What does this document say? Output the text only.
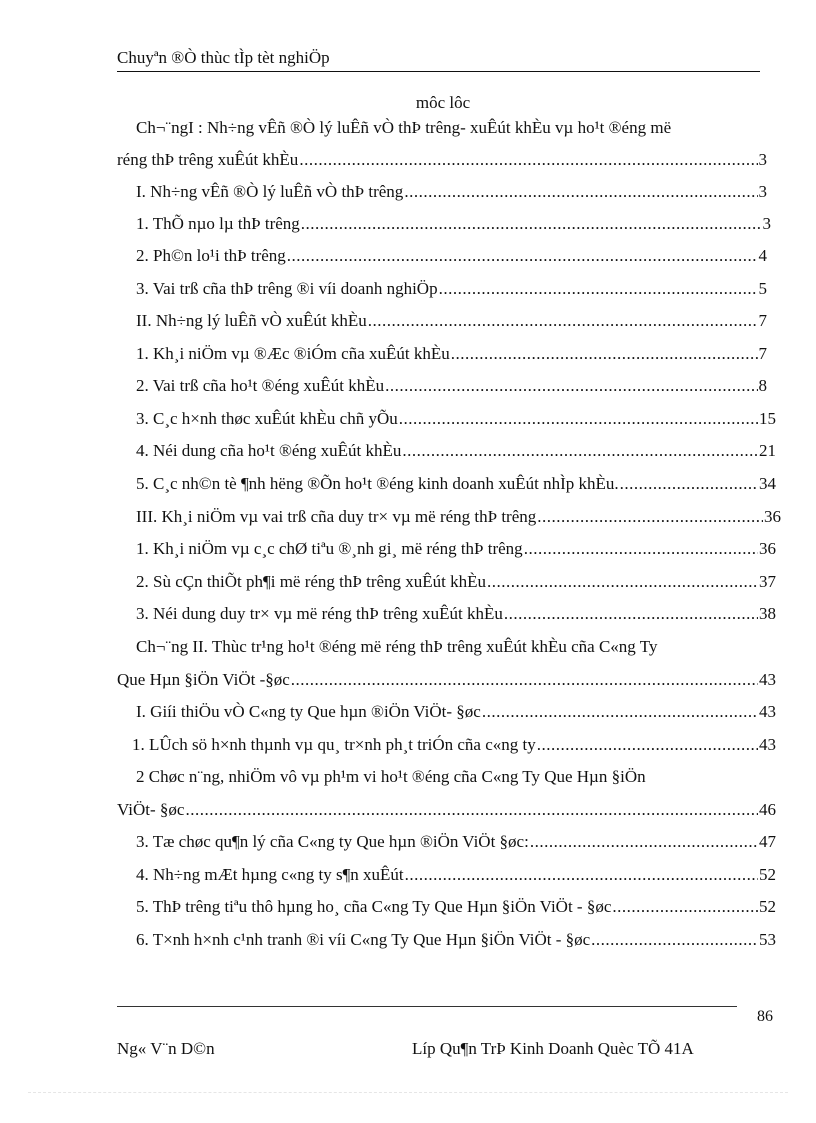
Chuyªn ®Ò thùc tÌp tèt nghiÖp
môc lôc
Ch¬¨ngI : Nh÷ng vÊñ ®Ò lý luÊñ vÒ thÞ trêng- xuÊút khÈu vµ ho¹t ®éng më
réng thÞ trêng xuÊút khÈu .....	3
I. Nh÷ng vÊñ ®Ò lý luÊñ vÒ thÞ trêng .....	3
1. ThÕ nµo lµ thÞ trêng .....	3
2. Ph©n lo¹i thÞ trêng .....	4
3. Vai trß cña thÞ trêng ®i víi doanh nghiÖp .....	5
II. Nh÷ng lý luÊñ vÒ xuÊút khÈu .....	7
1. Kh¸i niÖm vµ ®Æc ®iÓm cña xuÊút khÈu .....	7
2. Vai trß cña ho¹t ®éng xuÊút khÈu .....	8
3. C¸c h×nh thøc xuÊút khÈu chñ yÕu .....	15
4. Néi dung cña ho¹t ®éng xuÊút khÈu .....	21
5. C¸c nh©n tè ¶nh hëng ®Õn ho¹t ®éng kinh doanh xuÊút nhÌp khÈu. .....	34
III. Kh¸i niÖm vµ vai trß cña duy tr× vµ më réng thÞ trêng .....	36
1. Kh¸i niÖm vµ c¸c chØ tiªu ®¸nh gi¸ më réng thÞ trêng .....	36
2. Sù cÇn thiÕt ph¶i më réng thÞ trêng xuÊút khÈu .....	37
3. Néi dung duy tr× vµ më réng thÞ trêng xuÊút khÈu .....	38
Ch¬¨ng II. Thùc tr¹ng ho¹t ®éng më réng thÞ trêng xuÊút khÈu cña C«ng Ty
Que Hµn §iÖn ViÖt -§øc .....	43
I. Giíi thiÖu vÒ C«ng ty Que hµn ®iÖn ViÖt- §øc .....	43
1. LÛch sö h×nh thµnh vµ qu¸ tr×nh ph¸t triÓn cña c«ng ty .....	43
2 Chøc n¨ng, nhiÖm vô vµ ph¹m vi ho¹t ®éng cña C«ng Ty Que Hµn §iÖn
ViÖt- §øc .....	46
3. Tæ chøc qu¶n lý cña C«ng ty Que hµn ®iÖn ViÖt §øc: .....	47
4. Nh÷ng mÆt hµng c«ng ty s¶n xuÊút .....	52
5. ThÞ trêng tiªu thô hµng ho¸ cña C«ng Ty Que Hµn §iÖn ViÖt - §øc .....	52
6. T×nh h×nh c¹nh tranh ®i víi C«ng Ty Que Hµn §iÖn ViÖt - §øc .....	53
86
Ng« V¨n D©n	Líp Qu¶n TrÞ Kinh Doanh Quèc TÕ 41A
